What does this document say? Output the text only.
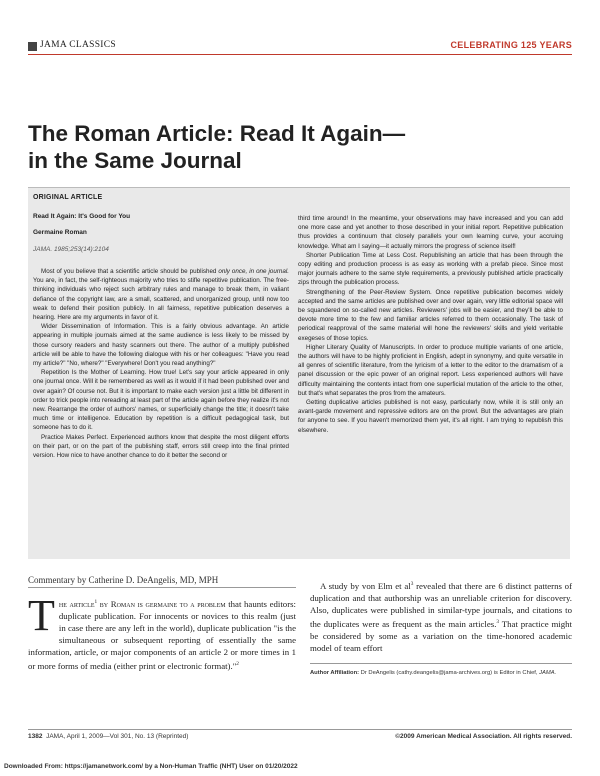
JAMA CLASSICS	CELEBRATING 125 YEARS
The Roman Article: Read It Again—
in the Same Journal
ORIGINAL ARTICLE
Read It Again: It's Good for You
Germaine Roman
JAMA. 1985;253(14):2104

Most of you believe that a scientific article should be published only once, in one journal. You are, in fact, the self-righteous majority who tries to stifle repetitive publication. The free-thinking individuals who reject such arbitrary rules and manage to break them, in valiant defiance of the copyright law, are a small, scattered, and unorganized group, until now too weak to defend their position publicly. In all fairness, repetitive publication deserves a hearing. Here are my arguments in favor of it.

Wider Dissemination of Information. This is a fairly obvious advantage. An article appearing in multiple journals aimed at the same audience is less likely to be missed by those cursory readers and hasty scanners out there. The author of a multiply published article will be able to have the following dialogue with his or her colleagues: "Have you read my article?" "No, where?" "Everywhere! Don't you read anything?"

Repetition Is the Mother of Learning. How true! Let's say your article appeared in only one journal once. Will it be remembered as well as it would if it had been published over and over again? Of course not. But it is important to make each version just a little bit different in order to trick people into rereading at least part of the article again before they realize it's not new. Rearrange the order of authors' names, or superficially change the title; it doesn't take much time or intelligence. Education by repetition is a difficult pedagogical task, but someone has to do it.

Practice Makes Perfect. Experienced authors know that despite the most diligent efforts on their part, or on the part of the publishing staff, errors still creep into the final printed version. How nice to have another chance to do it better the second or

third time around! In the meantime, your observations may have increased and you can add one more case and yet another to those described in your initial report. Repetitive publication thus provides a continuum that closely parallels your own learning curve, your accruing knowledge. What am I saying—it actually mirrors the progress of science itself!

Shorter Publication Time at Less Cost. Republishing an article that has been through the copy editing and production process is as easy as working with a prefab piece. Since most major journals adhere to the same style requirements, a previously published article practically zips through the publication process.

Strengthening of the Peer-Review System. Once repetitive publication becomes widely accepted and the same articles are published over and over again, very little editorial space will be squandered on so-called new articles. Reviewers' jobs will be easier, and they'll be able to devote more time to the few and familiar articles referred to them occasionally. The task of periodical reapproval of the same material will hone the reviewers' skills and yield veritable exegeses of those topics.

Higher Literary Quality of Manuscripts. In order to produce multiple variants of one article, the authors will have to be highly proficient in English, adept in synonymy, and quite versatile in all genres of scientific literature, from the lyricism of a letter to the editor to the dramatism of a panel discussion or the epic power of an original report. Less experienced authors will have difficulty maintaining the contents intact from one superficial mutation of the article to the other, but that's what separates the pros from the amateurs.

Getting duplicative articles published is not easy, particularly now, while it is still only an avant-garde movement and repressive editors are on the prowl. But the advantages are plain for anyone to see. If you haven't memorized them yet, it's all right. I am trying to republish this elsewhere.

Commentary by Catherine D. DeAngelis, MD, MPH
The article$^1$ by Roman is germaine to a problem that haunts editors: duplicate publication. For innocents or novices to this realm (just in case there are any left in the world), duplicate publication "is the simultaneous or subsequent reporting of essentially the same information, article, or major components of an article 2 or more times in 1 or more forms of media (either print or electronic format)."$^2$
A study by von Elm et $al^3$ revealed that there are 6 distinct patterns of duplication and that authorship was an unreliable criterion for discovery. Also, duplicates were published in similar-type journals, and citations to the duplicates were as frequent as the main articles.$^3$ That practice might be considered by some as a variation on the time-honored academic model of team effort
Author Affiliation: Dr DeAngelis (cathy.deangelis@jama-archives.org) is Editor in Chief, JAMA.
1382 JAMA, April 1, 2009—Vol 301, No. 13 (Reprinted)	©2009 American Medical Association. All rights reserved.
Downloaded From: https://jamanetwork.com/ by a Non-Human Traffic (NHT) User on 01/20/2022
